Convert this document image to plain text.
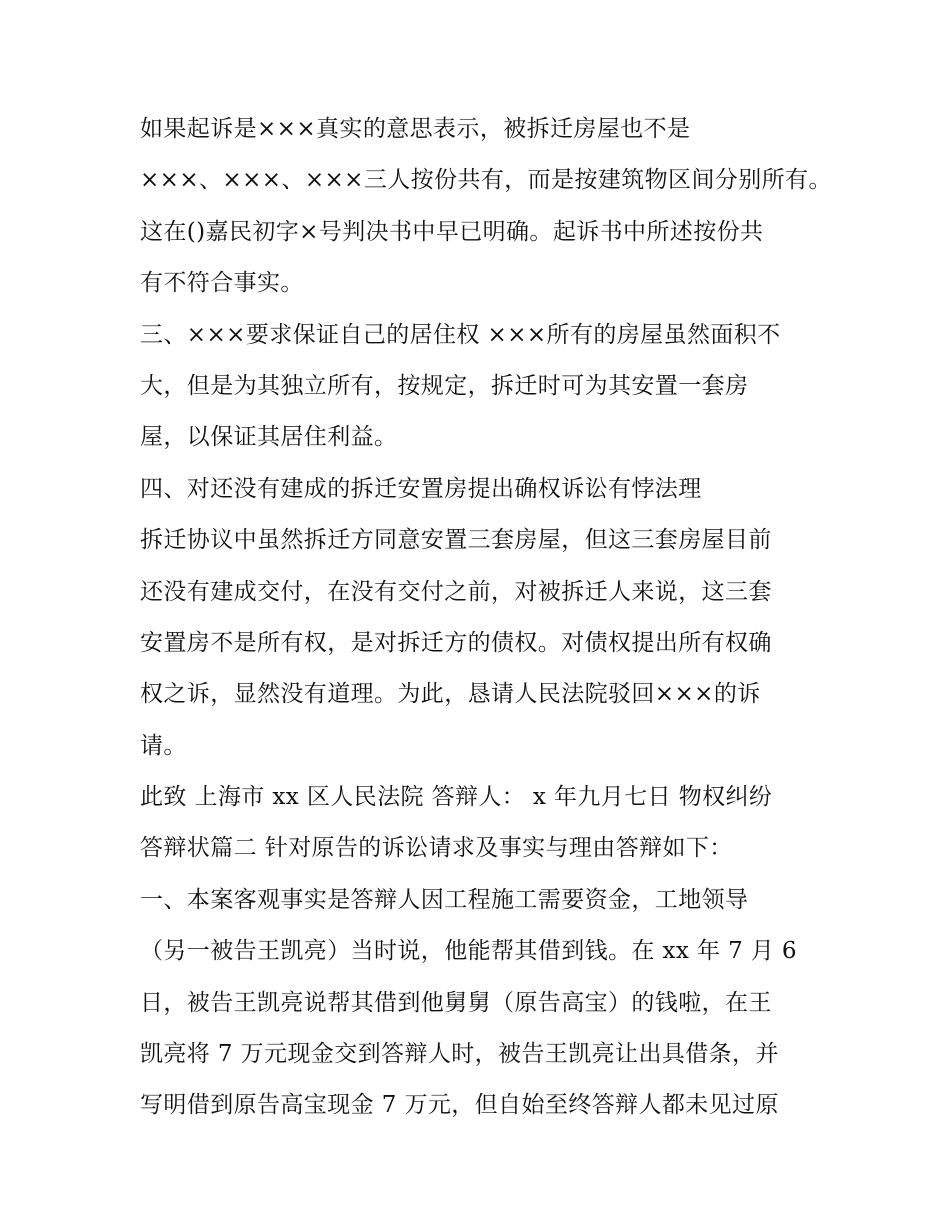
如果起诉是×××真实的意思表示，被拆迁房屋也不是
×××、×××、×××三人按份共有，而是按建筑物区间分别所有。
这在()嘉民初字×号判决书中早已明确。起诉书中所述按份共
有不符合事实。
三、×××要求保证自己的居住权 ×××所有的房屋虽然面积不
大，但是为其独立所有，按规定，拆迁时可为其安置一套房
屋，以保证其居住利益。
四、对还没有建成的拆迁安置房提出确权诉讼有悖法理
拆迁协议中虽然拆迁方同意安置三套房屋，但这三套房屋目前
还没有建成交付，在没有交付之前，对被拆迁人来说，这三套
安置房不是所有权，是对拆迁方的债权。对债权提出所有权确
权之诉，显然没有道理。为此，恳请人民法院驳回×××的诉
请。
此致 上海市 xx 区人民法院 答辩人： x 年九月七日 物权纠纷
答辩状篇二 针对原告的诉讼请求及事实与理由答辩如下：
一、本案客观事实是答辩人因工程施工需要资金，工地领导
（另一被告王凯亮）当时说，他能帮其借到钱。在 xx 年 7 月 6
日，被告王凯亮说帮其借到他舅舅（原告高宝）的钱啦，在王
凯亮将 7 万元现金交到答辩人时，被告王凯亮让出具借条，并
写明借到原告高宝现金 7 万元，但自始至终答辩人都未见过原
